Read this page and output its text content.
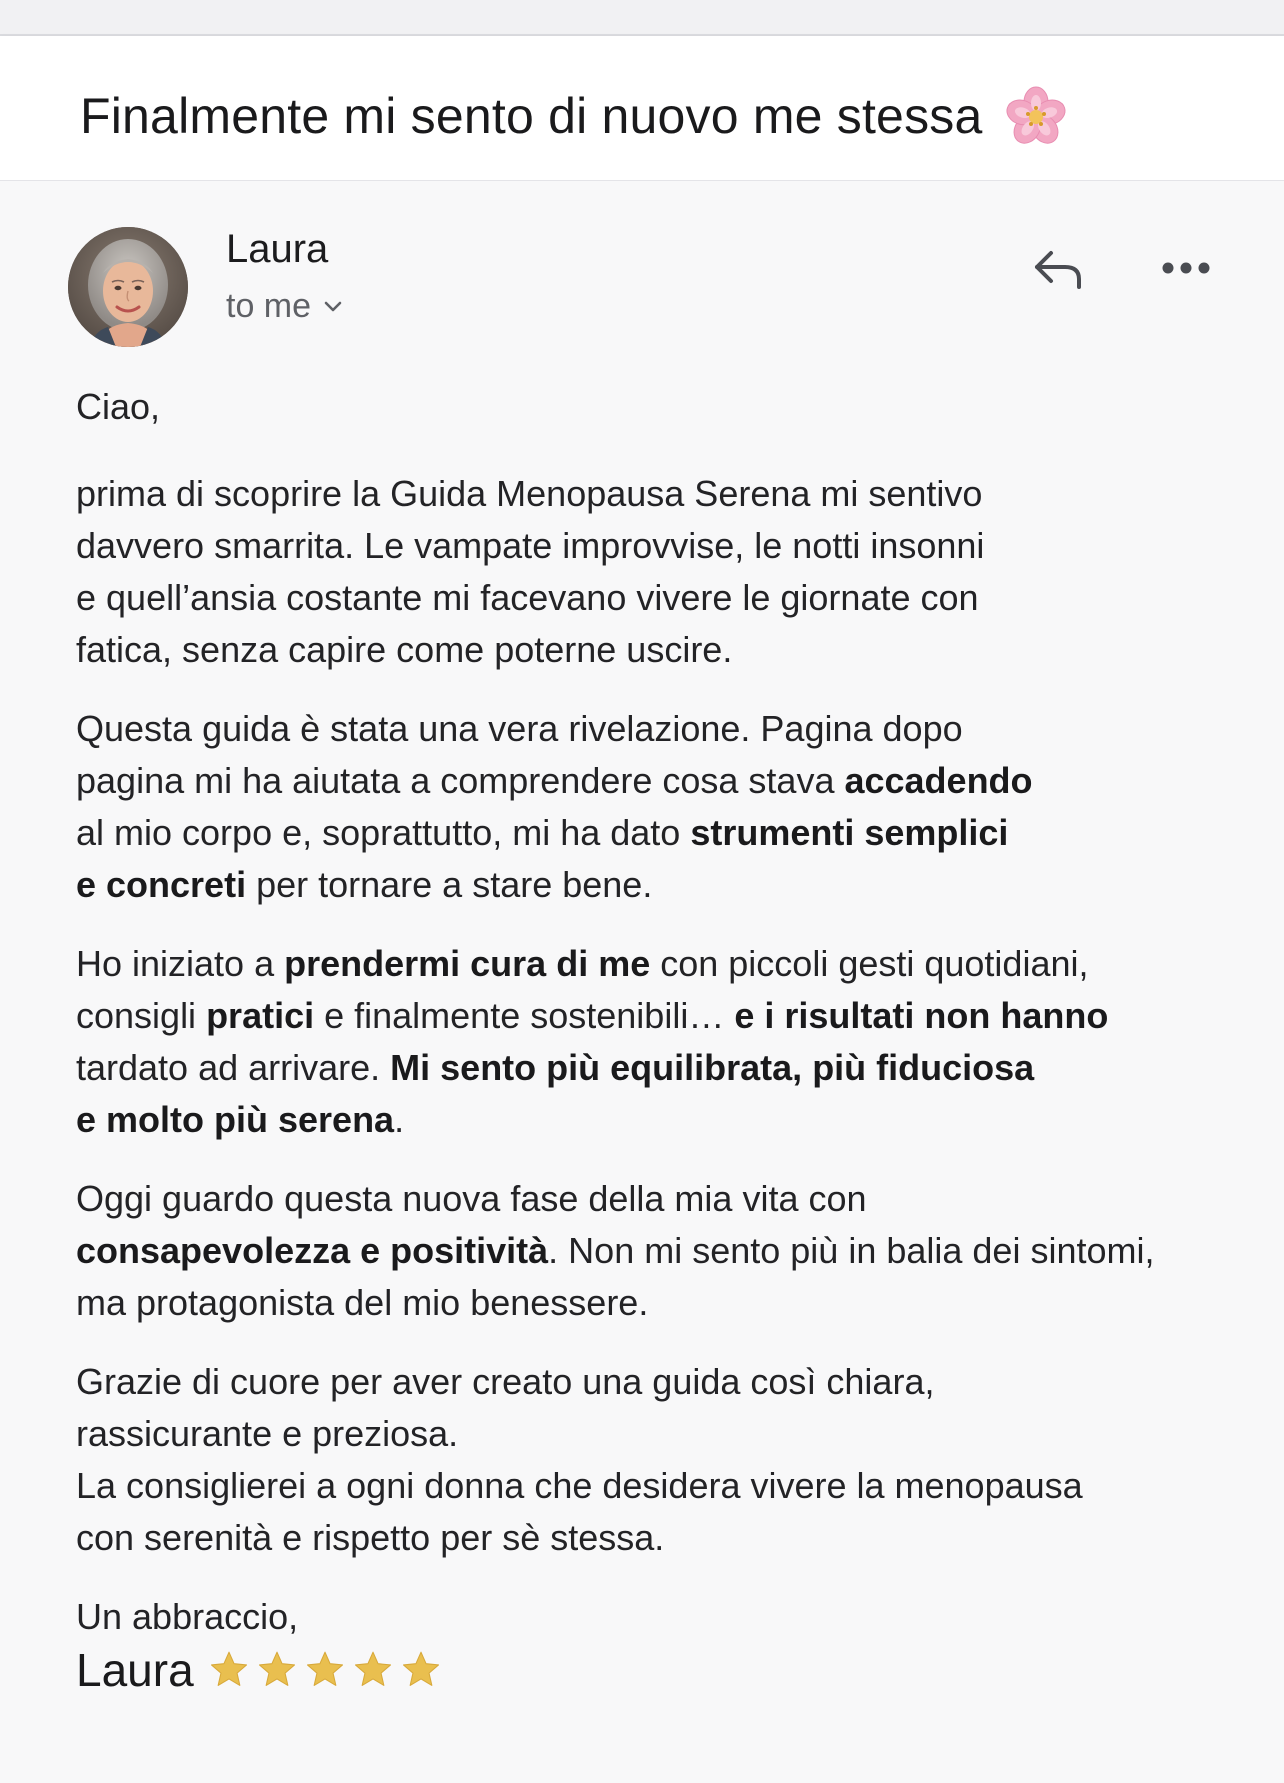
Finalmente mi sento di nuovo me stessa
Laura
to me

Ciao,

prima di scoprire la Guida Menopausa Serena mi sentivo

davvero smarrita. Le vampate improvvise, le notti insonni

e quell’ansia costante mi facevano vivere le giornate con

fatica, senza capire come poterne uscire.

Questa guida è stata una vera rivelazione. Pagina dopo

pagina mi ha aiutata a comprendere cosa stava accadendo

al mio corpo e, soprattutto, mi ha dato strumenti semplici

e concreti per tornare a stare bene.

Ho iniziato a prendermi cura di me con piccoli gesti quotidiani,

consigli pratici e finalmente sostenibili… e i risultati non hanno

tardato ad arrivare. Mi sento più equilibrata, più fiduciosa

e molto più serena.

Oggi guardo questa nuova fase della mia vita con

consapevolezza e positività. Non mi sento più in balia dei sintomi,

ma protagonista del mio benessere.

Grazie di cuore per aver creato una guida così chiara,

rassicurante e preziosa.

La consiglierei a ogni donna che desidera vivere la menopausa

con serenità e rispetto per sè stessa.

Un abbraccio,
Laura
